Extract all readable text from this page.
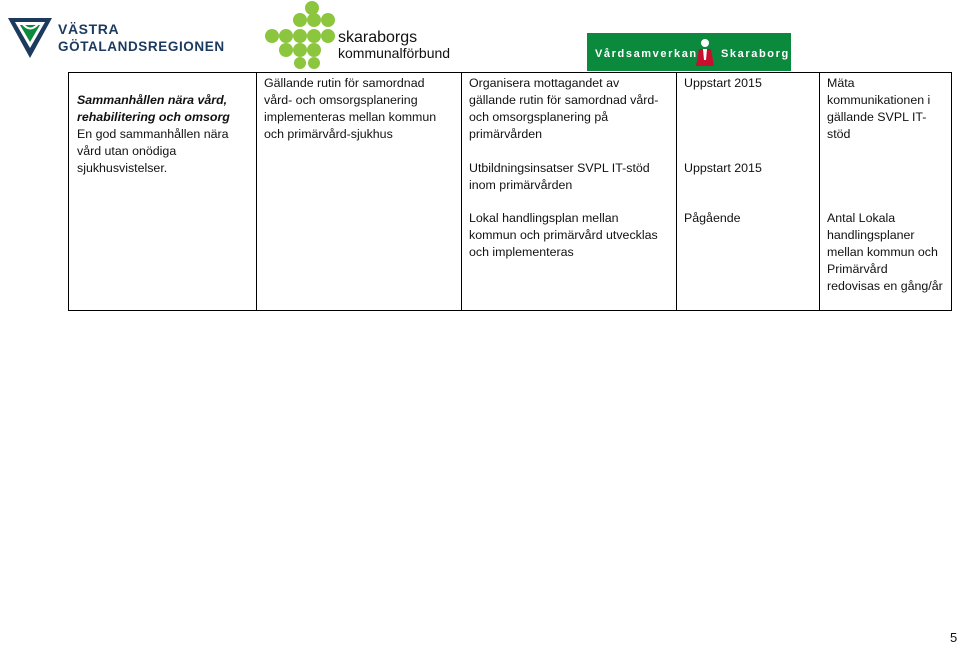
VÄSTRA
GÖTALANDSREGIONEN
skaraborgs
kommunalförbund	Vårdsamverkan Skaraborg
Sammanhållen nära vård,
rehabilitering och omsorg
En god sammanhållen nära
vård utan onödiga
sjukhusvistelser.
Gällande rutin för samordnad
vård- och omsorgsplanering
implementeras mellan kommun
och primärvård-sjukhus
Organisera mottagandet av
gällande rutin för samordnad vård-
och omsorgsplanering på
primärvården
Utbildningsinsatser SVPL IT-stöd
inom primärvården
Lokal handlingsplan mellan
kommun och primärvård utvecklas
och implementeras
Uppstart 2015
Uppstart 2015
Pågående
Mäta
kommunikationen i
gällande SVPL IT-
stöd
Antal Lokala
handlingsplaner
mellan kommun och
Primärvård
redovisas en gång/år
5
